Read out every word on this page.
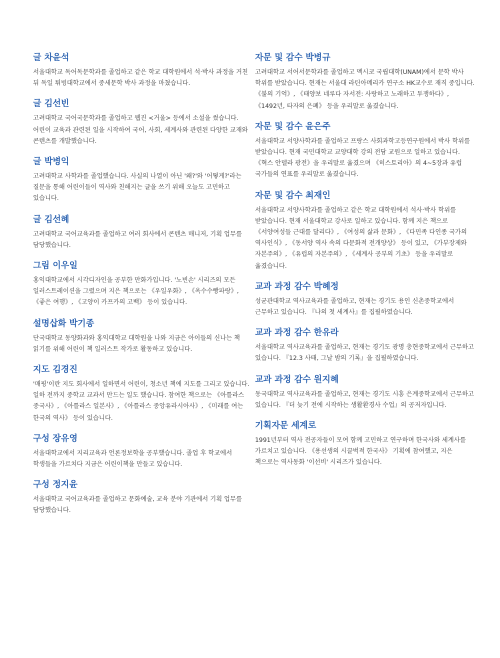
글 차윤석
서울대학교 독어독문학과를 졸업하고 같은 학교 대학원에서 석·박사 과정을 거친 뒤 독일 튀빙대학교에서 중세문학 박사 과정을 마쳤습니다.
글 김선빈
고려대학교 국어국문학과를 졸업하고 웹진 <거울> 등에서 소설을 썼습니다. 어린이 교육과 관련된 일을 시작하여 국어, 사회, 세계사와 관련된 다양한 교재와 콘텐츠를 개발했습니다.
글 박병익
고려대학교 사학과를 졸업했습니다. 사실의 나열이 아닌 '왜?'와 '어떻게?'라는 질문을 통해 어린이들이 역사와 친해지는 글을 쓰기 위해 오늘도 고민하고 있습니다.
글 김선혜
고려대학교 국어교육과를 졸업하고 여러 회사에서 콘텐츠 매니저, 기획 업무를 담당했습니다.
그림 이우일
홍익대학교에서 시각디자인을 공부한 만화가입니다. '노빈손' 시리즈의 모든 일러스트레이션을 그렸으며 지은 책으로는 《우일우화》, 《옥수수빵파랑》, 《좋은 여행》, 《고양이 카프카의 고백》 등이 있습니다.
설명삽화 박기종
단국대학교 동양화과와 홍익대학교 대학원을 나와 지금은 아이들의 신나는 책 읽기를 위해 어린이 책 일러스트 작가로 활동하고 있습니다.
지도 김경진
'매핑'이란 지도 회사에서 일하면서 어린이, 청소년 책에 지도를 그리고 있습니다. 일하 전까지 중학교 교과서 만드는 일도 했습니다. 참여한 책으로는 《아틀라스 중국사》, 《아틀라스 일본사》, 《아틀라스 중앙유라시아사》, 《미래를 여는 한국의 역사》 등이 있습니다.
구성 장유영
서울대학교에서 지리교육과 언론정보학을 공부했습니다. 졸업 후 학교에서 학생들을 가르치다 지금은 어린이책을 만들고 있습니다.
구성 정지윤
서울대학교 국어교육과를 졸업하고 문화예술, 교육 분야 기관에서 기획 업무를 담당했습니다.
자문 및 감수 박병규
고려대학교 서어서문학과를 졸업하고 멕시코 국립대학(UNAM)에서 문학 박사 학위를 받았습니다. 현재는 서울대 라틴아메리카 연구소 HK교수로 재직 중입니다. 《불의 기억》, 《태양보 네루다 자서전: 사랑하고 노래하고 투쟁하다》, 《1492년, 타자의 은폐》 등을 우리말로 옮겼습니다.
자문 및 감수 윤은주
서울대학교 서양사학과를 졸업하고 프랑스 사회과학고등연구원에서 박사 학위를 받았습니다. 현재 국민대학교 교양대학 강의 전담 교원으로 일하고 있습니다. 《혁스 안델라 광전》을 우리말로 옮겼으며 《히스토리아》의 4~5장과 유럽 국가들의 연표를 우리말로 옮겼습니다.
자문 및 감수 최재인
서울대학교 서양사학과를 졸업하고 같은 학교 대학원에서 석사·박사 학위를 받았습니다. 현재 서울대학교 강사로 일하고 있습니다. 함께 지은 책으로 《서양여성들 근대를 달리다》, 《여성의 삶과 문화》, 《다민족 다인종 국가의 역사인식》, 《동서양 역사 속의 다문화적 전개양상》 등이 있고, 《가부장제와 자본주의》, 《유럽의 자본주의》, 《세계사 공부의 기초》 등을 우리말로 옮겼습니다.
교과 과정 감수 박혜정
성균관대학교 역사교육과를 졸업하고, 현재는 경기도 용인 신촌중학교에서 근무하고 있습니다. 『나의 첫 세계사』를 집필하였습니다.
교과 과정 감수 한유라
서울대학교 역사교육과를 졸업하고, 현재는 경기도 광명 충현중학교에서 근무하고 있습니다. 『12.3 사태, 그날 밤의 기록』을 집필하였습니다.
교과 과정 감수 원지혜
동국대학교 역사교육과를 졸업하고, 현재는 경기도 시흥 은계중학교에서 근무하고 있습니다. 『더 늦기 전에 시작하는 생활환경사 수업』의 공저자입니다.
기획자문 세계로
1991년부터 역사 전공자들이 모여 함께 고민하고 연구하며 한국사와 세계사를 가르치고 있습니다. 《용선생의 시끌벅적 한국사》 기획에 참여했고, 지은 책으로는 역사동화 '이선비' 시리즈가 있습니다.
